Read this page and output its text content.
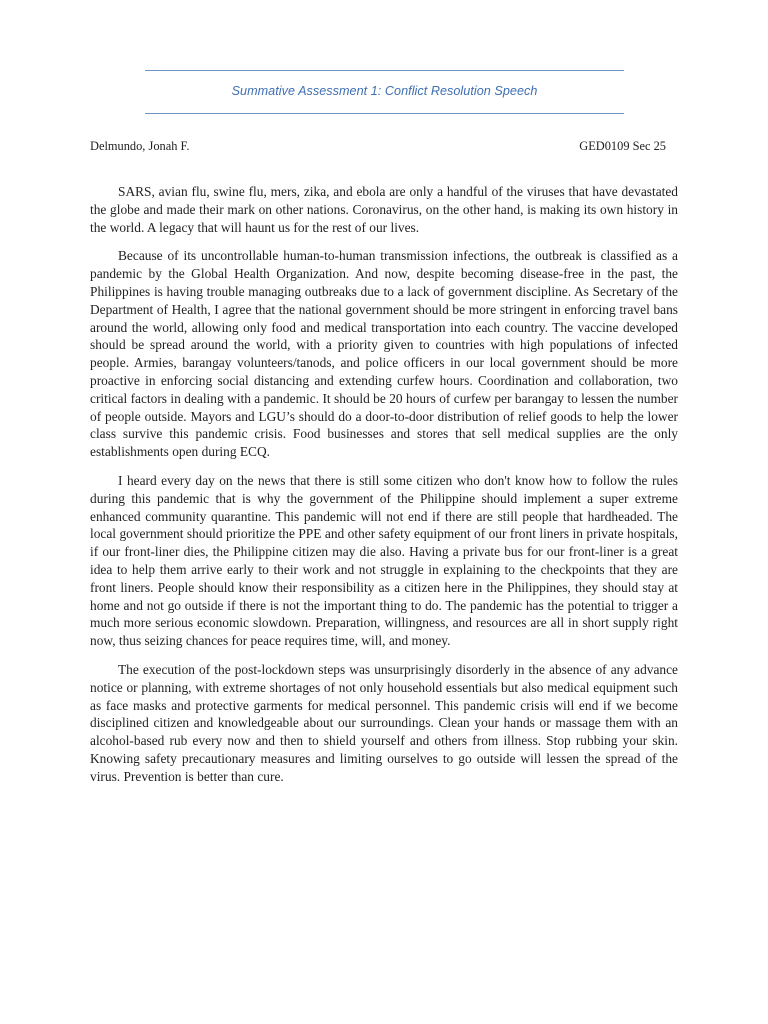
Summative Assessment 1: Conflict Resolution Speech
Delmundo, Jonah F.	GED0109 Sec 25

SARS, avian flu, swine flu, mers, zika, and ebola are only a handful of the viruses that have devastated the globe and made their mark on other nations. Coronavirus, on the other hand, is making its own history in the world. A legacy that will haunt us for the rest of our lives.

Because of its uncontrollable human-to-human transmission infections, the outbreak is classified as a pandemic by the Global Health Organization. And now, despite becoming disease-free in the past, the Philippines is having trouble managing outbreaks due to a lack of government discipline. As Secretary of the Department of Health, I agree that the national government should be more stringent in enforcing travel bans around the world, allowing only food and medical transportation into each country. The vaccine developed should be spread around the world, with a priority given to countries with high populations of infected people. Armies, barangay volunteers/tanods, and police officers in our local government should be more proactive in enforcing social distancing and extending curfew hours. Coordination and collaboration, two critical factors in dealing with a pandemic. It should be 20 hours of curfew per barangay to lessen the number of people outside. Mayors and LGU’s should do a door-to-door distribution of relief goods to help the lower class survive this pandemic crisis. Food businesses and stores that sell medical supplies are the only establishments open during ECQ.

I heard every day on the news that there is still some citizen who don't know how to follow the rules during this pandemic that is why the government of the Philippine should implement a super extreme enhanced community quarantine. This pandemic will not end if there are still people that hardheaded. The local government should prioritize the PPE and other safety equipment of our front liners in private hospitals, if our front-liner dies, the Philippine citizen may die also. Having a private bus for our front-liner is a great idea to help them arrive early to their work and not struggle in explaining to the checkpoints that they are front liners. People should know their responsibility as a citizen here in the Philippines, they should stay at home and not go outside if there is not the important thing to do. The pandemic has the potential to trigger a much more serious economic slowdown. Preparation, willingness, and resources are all in short supply right now, thus seizing chances for peace requires time, will, and money.

The execution of the post-lockdown steps was unsurprisingly disorderly in the absence of any advance notice or planning, with extreme shortages of not only household essentials but also medical equipment such as face masks and protective garments for medical personnel. This pandemic crisis will end if we become disciplined citizen and knowledgeable about our surroundings. Clean your hands or massage them with an alcohol-based rub every now and then to shield yourself and others from illness. Stop rubbing your skin. Knowing safety precautionary measures and limiting ourselves to go outside will lessen the spread of the virus. Prevention is better than cure.
